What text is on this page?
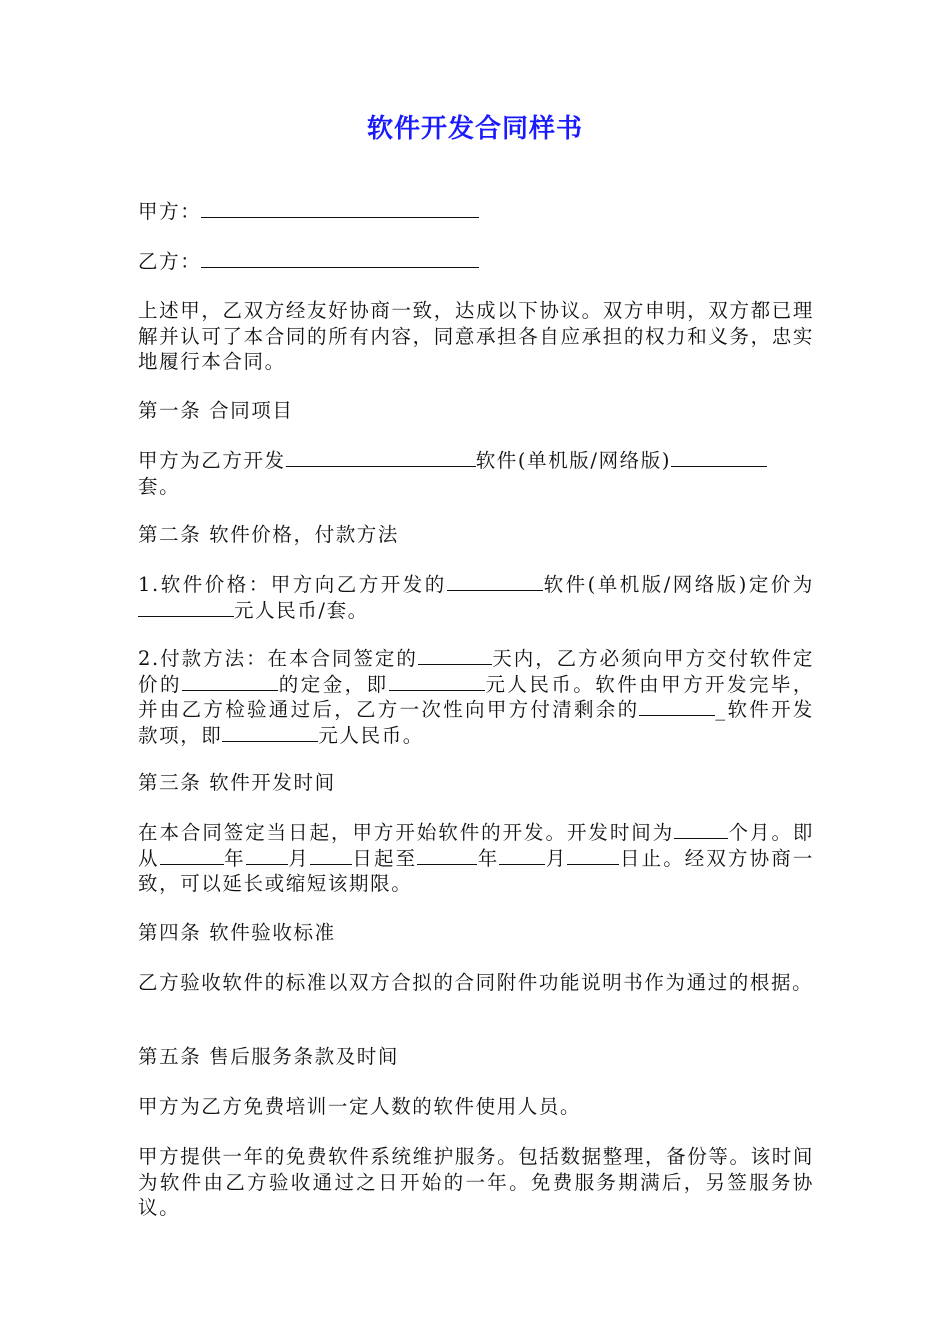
软件开发合同样书
甲方：
乙方：
上述甲，乙双方经友好协商一致，达成以下协议。双方申明，双方都已理解并认可了本合同的所有内容，同意承担各自应承担的权力和义务，忠实地履行本合同。
第一条 合同项目
甲方为乙方开发	软件(单机版/网络版)
套。
第二条 软件价格，付款方法
1.软件价格：甲方向乙方开发的	软件(单机版/网络版)定价为 元人民币/套。
2.付款方法：在本合同签定的	天内，乙方必须向甲方交付软件定价的	的定金，即	元人民币。软件由甲方开发完毕，并由乙方检验通过后，乙方一次性向甲方付清剩余的	_软件开发款项，即	元人民币。
第三条 软件开发时间
在本合同签定当日起，甲方开始软件的开发。开发时间为	个月。即从	年 月 日起至	年 月	日止。经双方协商一致，可以延长或缩短该期限。
第四条 软件验收标准
乙方验收软件的标准以双方合拟的合同附件功能说明书作为通过的根据。
第五条 售后服务条款及时间
甲方为乙方免费培训一定人数的软件使用人员。
甲方提供一年的免费软件系统维护服务。包括数据整理，备份等。该时间为软件由乙方验收通过之日开始的一年。免费服务期满后，另签服务协议。
